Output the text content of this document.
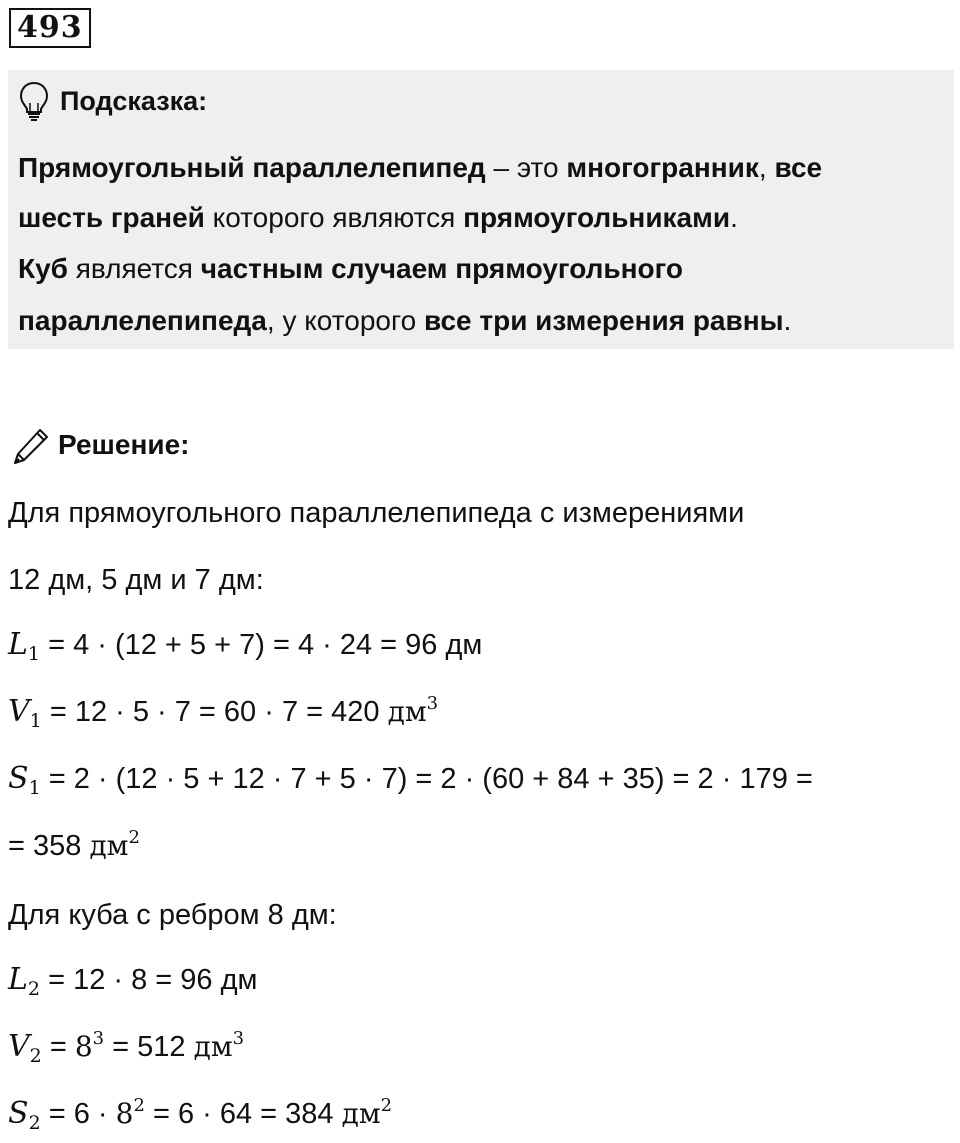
493
Подсказка:
Прямоугольный параллелепипед – это многогранник, все
шесть граней которого являются прямоугольниками.
Куб является частным случаем прямоугольного
параллелепипеда, у которого все три измерения равны.
Решение:
Для прямоугольного параллелепипеда с измерениями
12 дм, 5 дм и 7 дм:
$L_1 = 4 \cdot (12 + 5 + 7) = 4 \cdot 24 = 96$ дм
$V_1 = 12 \cdot 5 \cdot 7 = 60 \cdot 7 = 420$ $дм^3$
$S_1 = 2 \cdot (12 \cdot 5 + 12 \cdot 7 + 5 \cdot 7) = 2 \cdot (60 + 84 + 35) = 2 \cdot 179$ =
= 358 $дм^2$
Для куба с ребром 8 дм:
$L_2 = 12 \cdot 8 = 96$ дм
$V_2 = 8^3 = 512$ $дм^3$
$S_2 = 6 \cdot 8^2 = 6 \cdot 64 = 384$ $дм^2$
